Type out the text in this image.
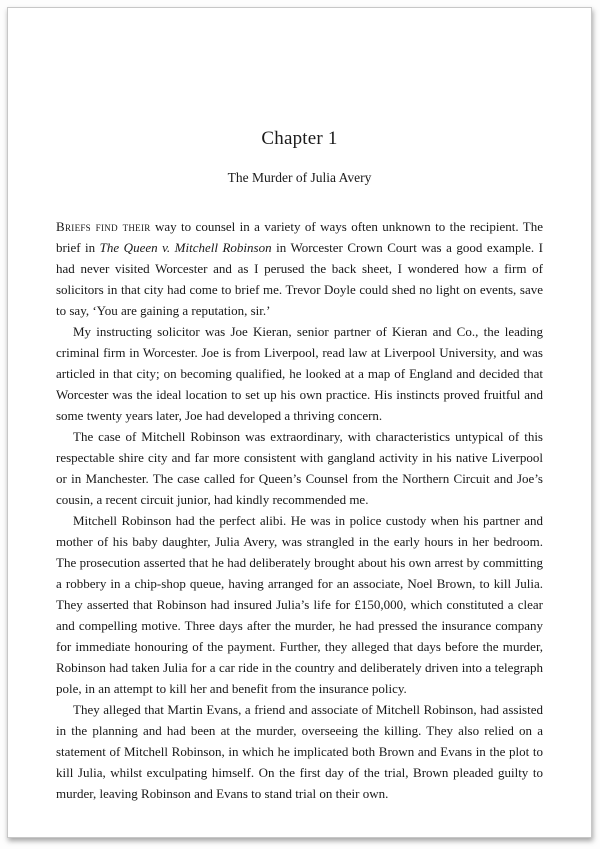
Chapter 1
The Murder of Julia Avery

Briefs find their way to counsel in a variety of ways often unknown to the recipient. The brief in The Queen v. Mitchell Robinson in Worcester Crown Court was a good example. I had never visited Worcester and as I perused the back sheet, I wondered how a firm of solicitors in that city had come to brief me. Trevor Doyle could shed no light on events, save to say, ‘You are gaining a reputation, sir.’

My instructing solicitor was Joe Kieran, senior partner of Kieran and Co., the leading criminal firm in Worcester. Joe is from Liverpool, read law at Liverpool University, and was articled in that city; on becoming qualified, he looked at a map of England and decided that Worcester was the ideal location to set up his own practice. His instincts proved fruitful and some twenty years later, Joe had developed a thriving concern.

The case of Mitchell Robinson was extraordinary, with characteristics untypical of this respectable shire city and far more consistent with gangland activity in his native Liverpool or in Manchester. The case called for Queen’s Counsel from the Northern Circuit and Joe’s cousin, a recent circuit junior, had kindly recommended me.

Mitchell Robinson had the perfect alibi. He was in police custody when his partner and mother of his baby daughter, Julia Avery, was strangled in the early hours in her bedroom. The prosecution asserted that he had deliberately brought about his own arrest by committing a robbery in a chip-shop queue, having arranged for an associate, Noel Brown, to kill Julia. They asserted that Robinson had insured Julia’s life for £150,000, which constituted a clear and compelling motive. Three days after the murder, he had pressed the insurance company for immediate honouring of the payment. Further, they alleged that days before the murder, Robinson had taken Julia for a car ride in the country and deliberately driven into a telegraph pole, in an attempt to kill her and benefit from the insurance policy.

They alleged that Martin Evans, a friend and associate of Mitchell Robinson, had assisted in the planning and had been at the murder, overseeing the killing. They also relied on a statement of Mitchell Robinson, in which he implicated both Brown and Evans in the plot to kill Julia, whilst exculpating himself. On the first day of the trial, Brown pleaded guilty to murder, leaving Robinson and Evans to stand trial on their own.
